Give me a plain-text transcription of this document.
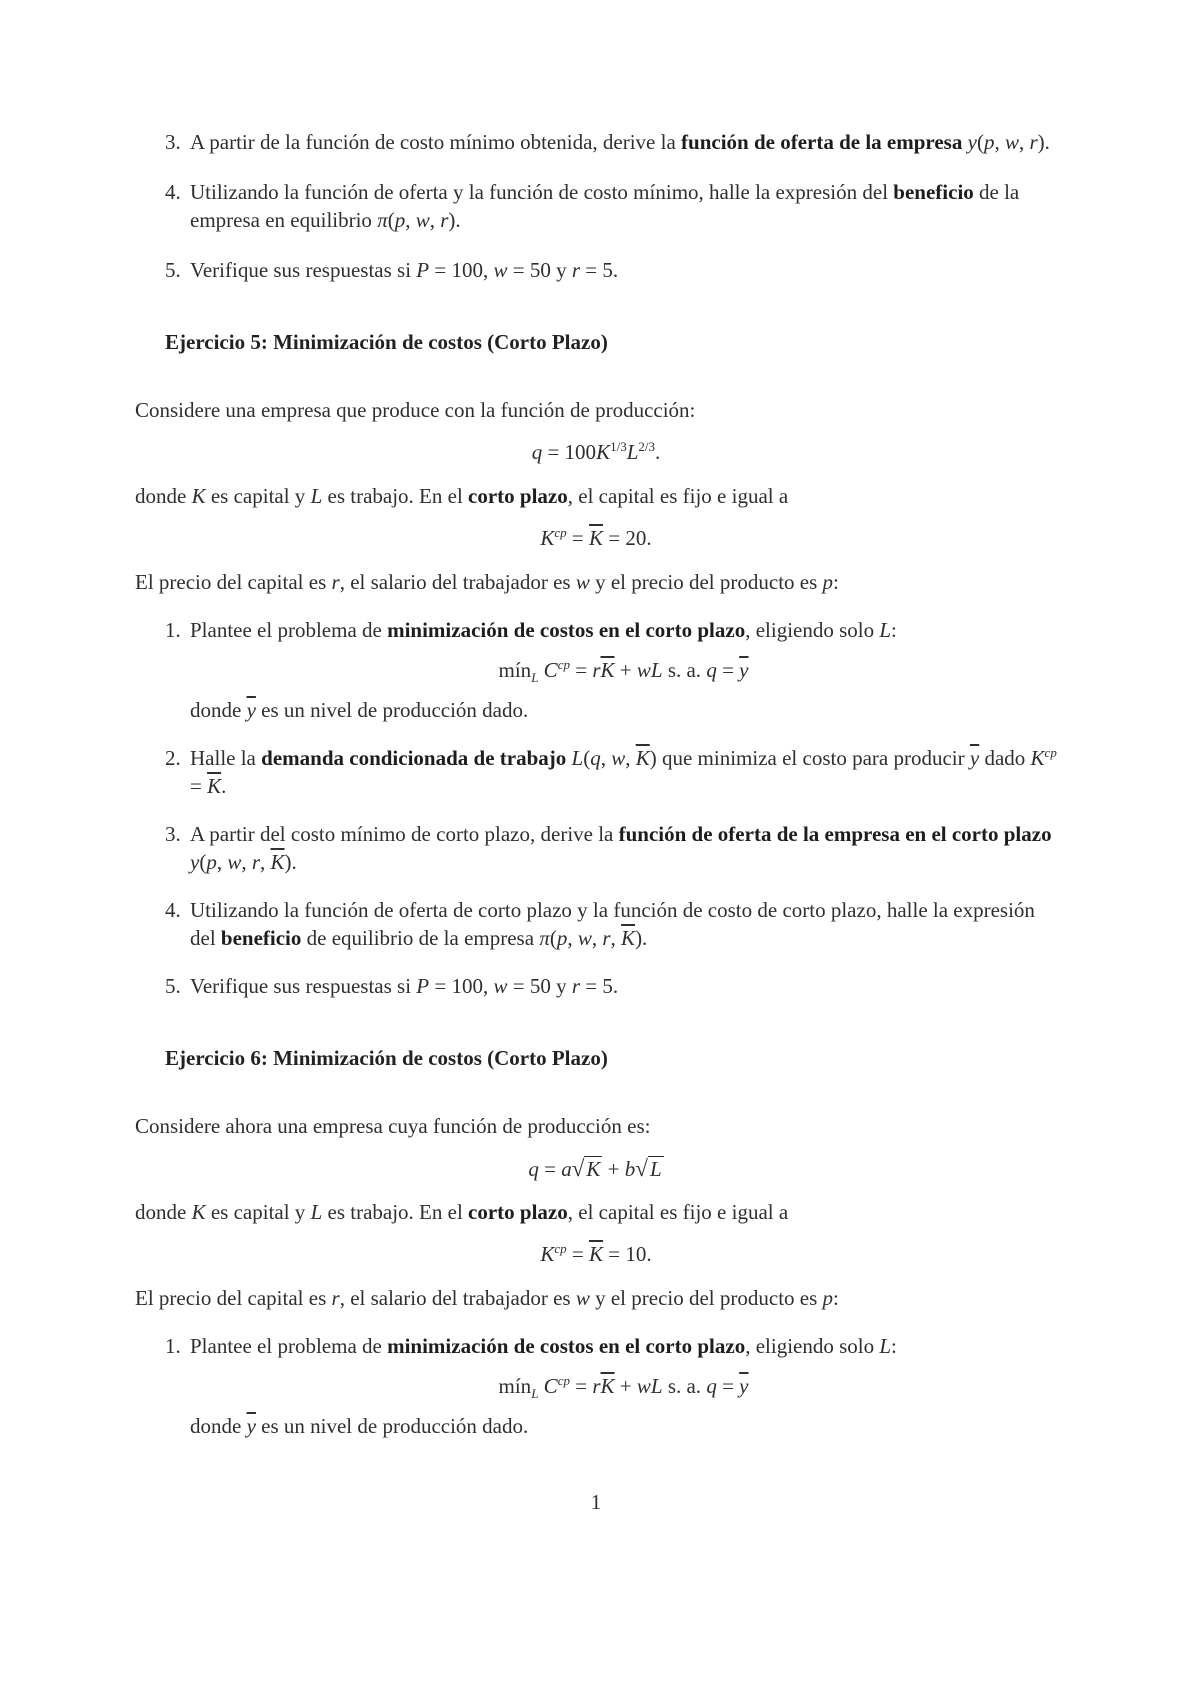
3. A partir de la función de costo mínimo obtenida, derive la función de oferta de la empresa y(p, w, r).
4. Utilizando la función de oferta y la función de costo mínimo, halle la expresión del beneficio de la empresa en equilibrio π(p, w, r).
5. Verifique sus respuestas si P = 100, w = 50 y r = 5.
Ejercicio 5: Minimización de costos (Corto Plazo)
Considere una empresa que produce con la función de producción:
$q = 100K^{1/3}L^{2/3}$.
donde K es capital y L es trabajo. En el corto plazo, el capital es fijo e igual a
$K^{cp} = \overline{K} = 20$.
El precio del capital es r, el salario del trabajador es w y el precio del producto es p:
1. Plantee el problema de minimización de costos en el corto plazo, eligiendo solo L:
mín$_L$ $C^{cp} = r\overline{K}$ + wL s. a. $q = \overline{y}$
donde $\overline{y}$ es un nivel de producción dado.
2. Halle la demanda condicionada de trabajo L(q, w, $\overline{K}$) que minimiza el costo para producir $\overline{y}$ dado $K^{cp} = \overline{K}$.
3. A partir del costo mínimo de corto plazo, derive la función de oferta de la empresa en el corto plazo y(p, w, r, $\overline{K}$).
4. Utilizando la función de oferta de corto plazo y la función de costo de corto plazo, halle la expresión del beneficio de equilibrio de la empresa π(p, w, r, $\overline{K}$).
5. Verifique sus respuestas si P = 100, w = 50 y r = 5.
Ejercicio 6: Minimización de costos (Corto Plazo)
Considere ahora una empresa cuya función de producción es:
q = a√K + b√L
donde K es capital y L es trabajo. En el corto plazo, el capital es fijo e igual a
$K^{cp} = \overline{K} = 10$.
El precio del capital es r, el salario del trabajador es w y el precio del producto es p:
1. Plantee el problema de minimización de costos en el corto plazo, eligiendo solo L:
mín$_L$ $C^{cp} = r\overline{K}$ + wL s. a. $q = \overline{y}$
donde $\overline{y}$ es un nivel de producción dado.
1
